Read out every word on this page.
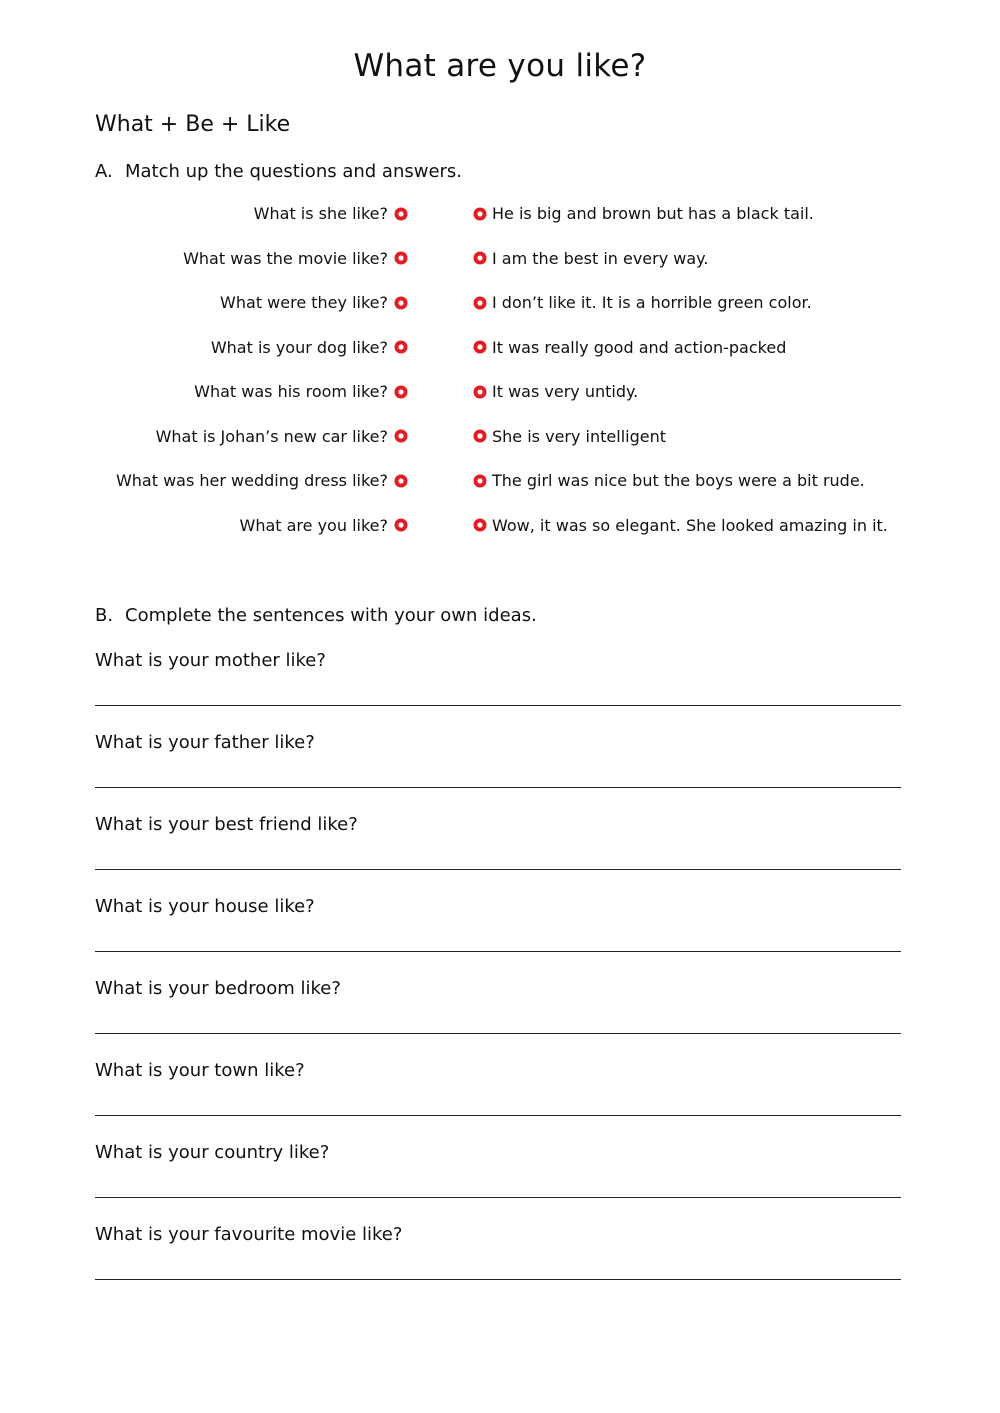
What are you like?
What + Be + Like
A. Match up the questions and answers.
What is she like?	He is big and brown but has a black tail.
What was the movie like?	I am the best in every way.
What were they like?	I don’t like it. It is a horrible green color.
What is your dog like?	It was really good and action-packed
What was his room like?	It was very untidy.
What is Johan’s new car like?	She is very intelligent
What was her wedding dress like?	The girl was nice but the boys were a bit rude.
What are you like?	Wow, it was so elegant. She looked amazing in it.
B. Complete the sentences with your own ideas.
What is your mother like?
What is your father like?
What is your best friend like?
What is your house like?
What is your bedroom like?
What is your town like?
What is your country like?
What is your favourite movie like?
